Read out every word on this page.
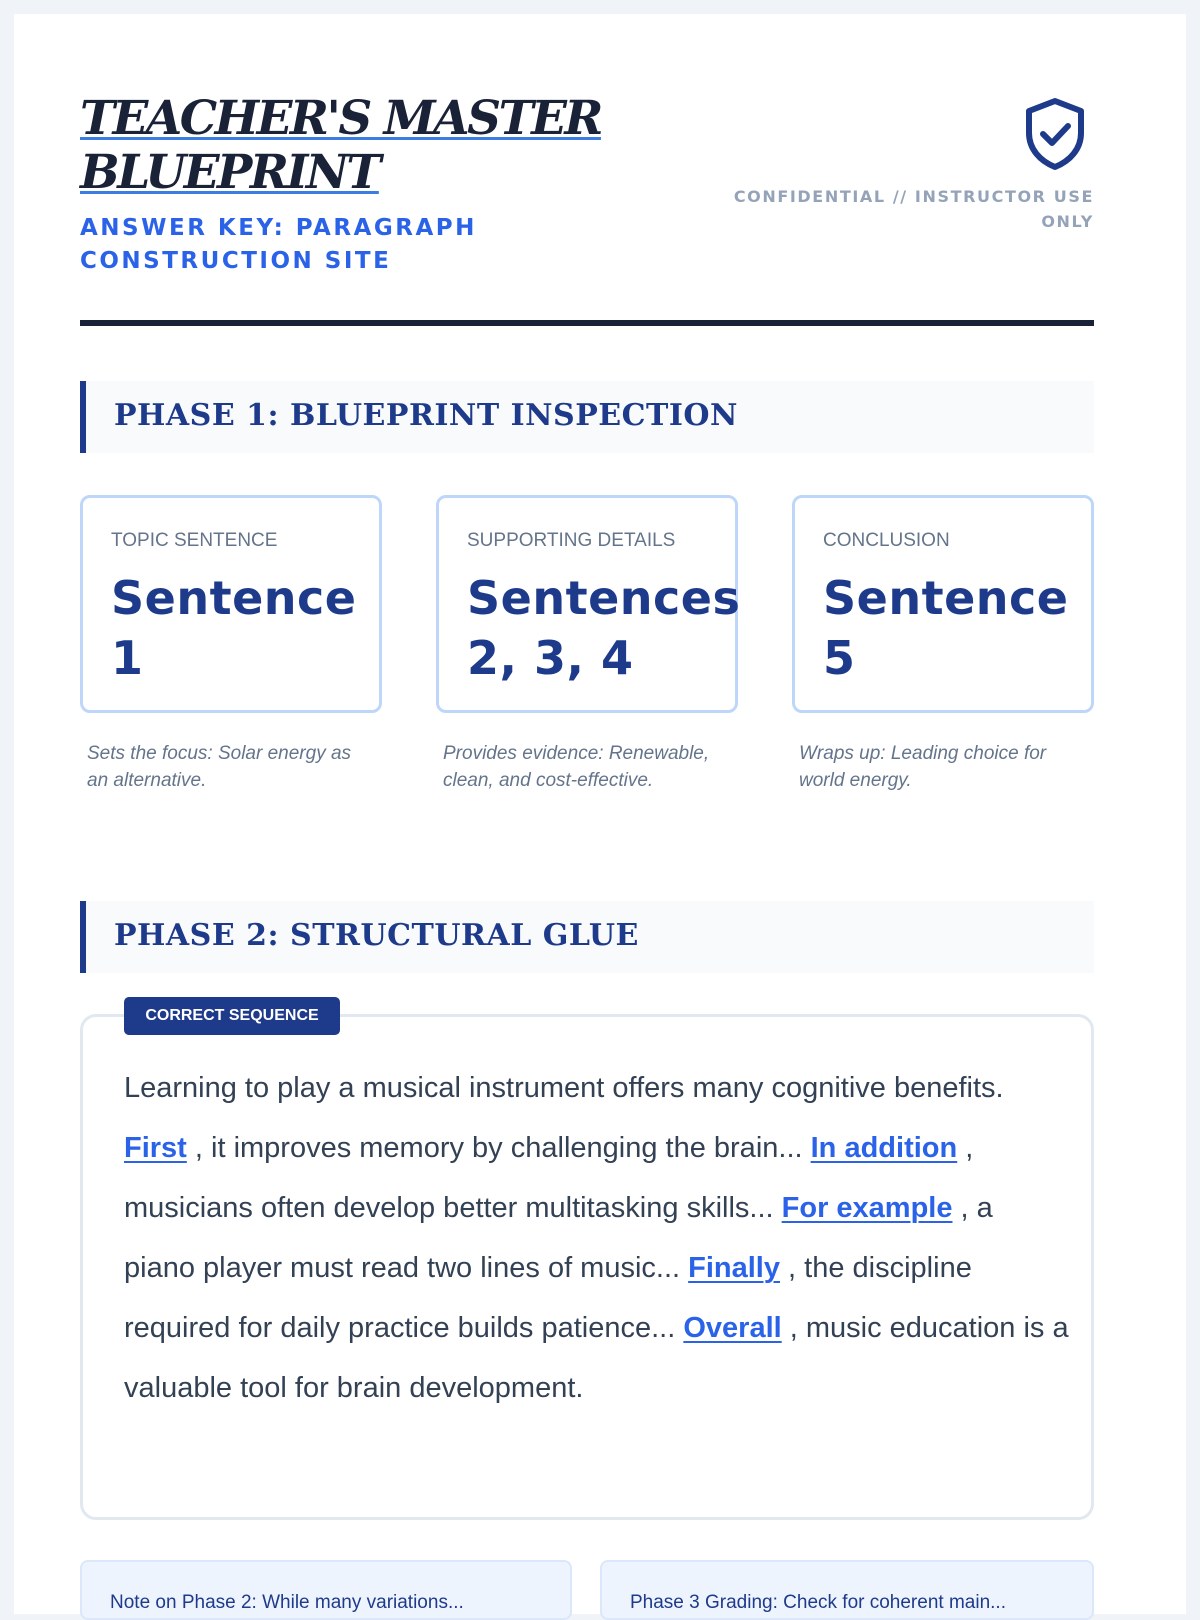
TEACHER'S MASTER BLUEPRINT
ANSWER KEY: PARAGRAPH CONSTRUCTION SITE
CONFIDENTIAL // INSTRUCTOR USE ONLY
PHASE 1: BLUEPRINT INSPECTION
TOPIC SENTENCE
Sentence 1
SUPPORTING DETAILS
Sentences 2, 3, 4
CONCLUSION
Sentence 5
Sets the focus: Solar energy as an alternative.
Provides evidence: Renewable, clean, and cost-effective.
Wraps up: Leading choice for world energy.
PHASE 2: STRUCTURAL GLUE
CORRECT SEQUENCE
Learning to play a musical instrument offers many cognitive benefits. First , it improves memory by challenging the brain... In addition , musicians often develop better multitasking skills... For example , a piano player must read two lines of music... Finally , the discipline required for daily practice builds patience... Overall , music education is a valuable tool for brain development.
Note on Phase 2: While many variations...	Phase 3 Grading: Check for coherent main...
